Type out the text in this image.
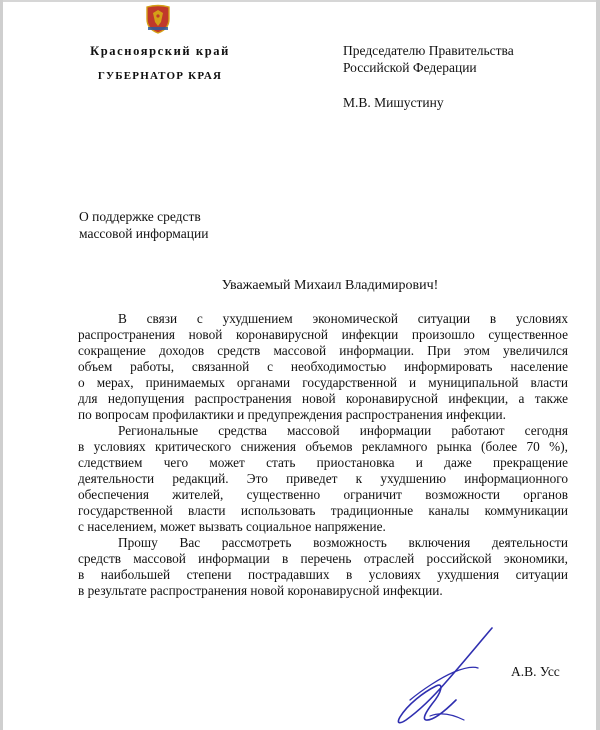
Красноярский край
ГУБЕРНАТОР КРАЯ
Председателю Правительства
Российской Федерации
М.В. Мишустину
О поддержке средств
массовой информации
Уважаемый Михаил Владимирович!
В связи с ухудшением экономической ситуации в условиях
распространения новой коронавирусной инфекции произошло существенное
сокращение доходов средств массовой информации. При этом увеличился
объем работы, связанной с необходимостью информировать население
о мерах, принимаемых органами государственной и муниципальной власти
для недопущения распространения новой коронавирусной инфекции, а также
по вопросам профилактики и предупреждения распространения инфекции.
Региональные средства массовой информации работают сегодня
в условиях критического снижения объемов рекламного рынка (более 70 %),
следствием чего может стать приостановка и даже прекращение
деятельности редакций. Это приведет к ухудшению информационного
обеспечения жителей, существенно ограничит возможности органов
государственной власти использовать традиционные каналы коммуникации
с населением, может вызвать социальное напряжение.
Прошу Вас рассмотреть возможность включения деятельности
средств массовой информации в перечень отраслей российской экономики,
в наибольшей степени пострадавших в условиях ухудшения ситуации
в результате распространения новой коронавирусной инфекции.
А.В. Усс
